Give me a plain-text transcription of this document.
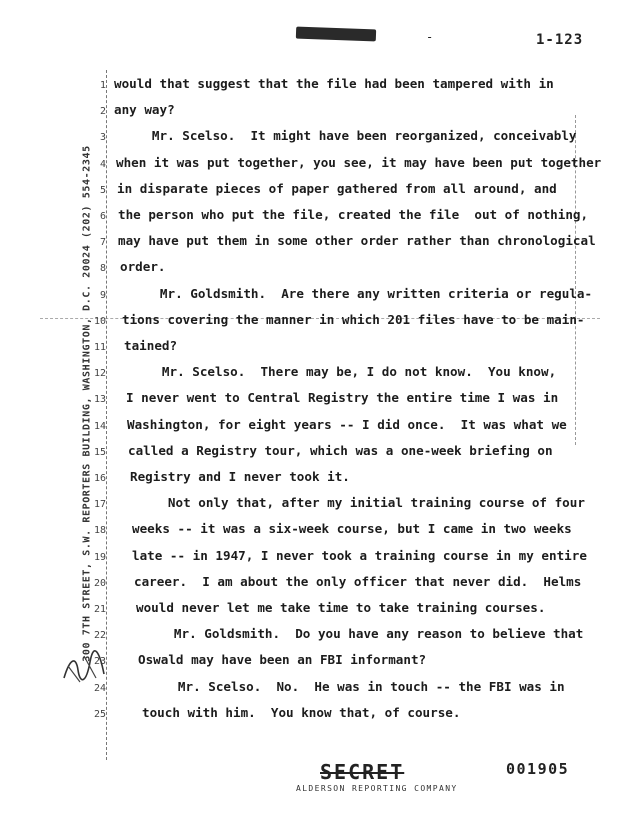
-	1-123
300 7TH STREET, S.W. REPORTERS BUILDING, WASHINGTON, D.C. 20024 (202) 554-2345
1
2
3
4
5
6
7
8
9
10
11
12
13
14
15
16
17
18
19
20
21
22
23
24
25
would that suggest that the file had been tampered with in
any way?
Mr. Scelso.  It might have been reorganized, conceivably
when it was put together, you see, it may have been put together
in disparate pieces of paper gathered from all around, and
the person who put the file, created the file  out of nothing,
may have put them in some other order rather than chronological
order.
Mr. Goldsmith.  Are there any written criteria or regula-
tions covering the manner in which 201 files have to be main-
tained?
Mr. Scelso.  There may be, I do not know.  You know,
I never went to Central Registry the entire time I was in
Washington, for eight years -- I did once.  It was what we
called a Registry tour, which was a one-week briefing on
Registry and I never took it.
Not only that, after my initial training course of four
weeks -- it was a six-week course, but I came in two weeks
late -- in 1947, I never took a training course in my entire
career.  I am about the only officer that never did.  Helms
would never let me take time to take training courses.
Mr. Goldsmith.  Do you have any reason to believe that
Oswald may have been an FBI informant?
Mr. Scelso.  No.  He was in touch -- the FBI was in
touch with him.  You know that, of course.
SECRET
ALDERSON REPORTING COMPANY
001905
